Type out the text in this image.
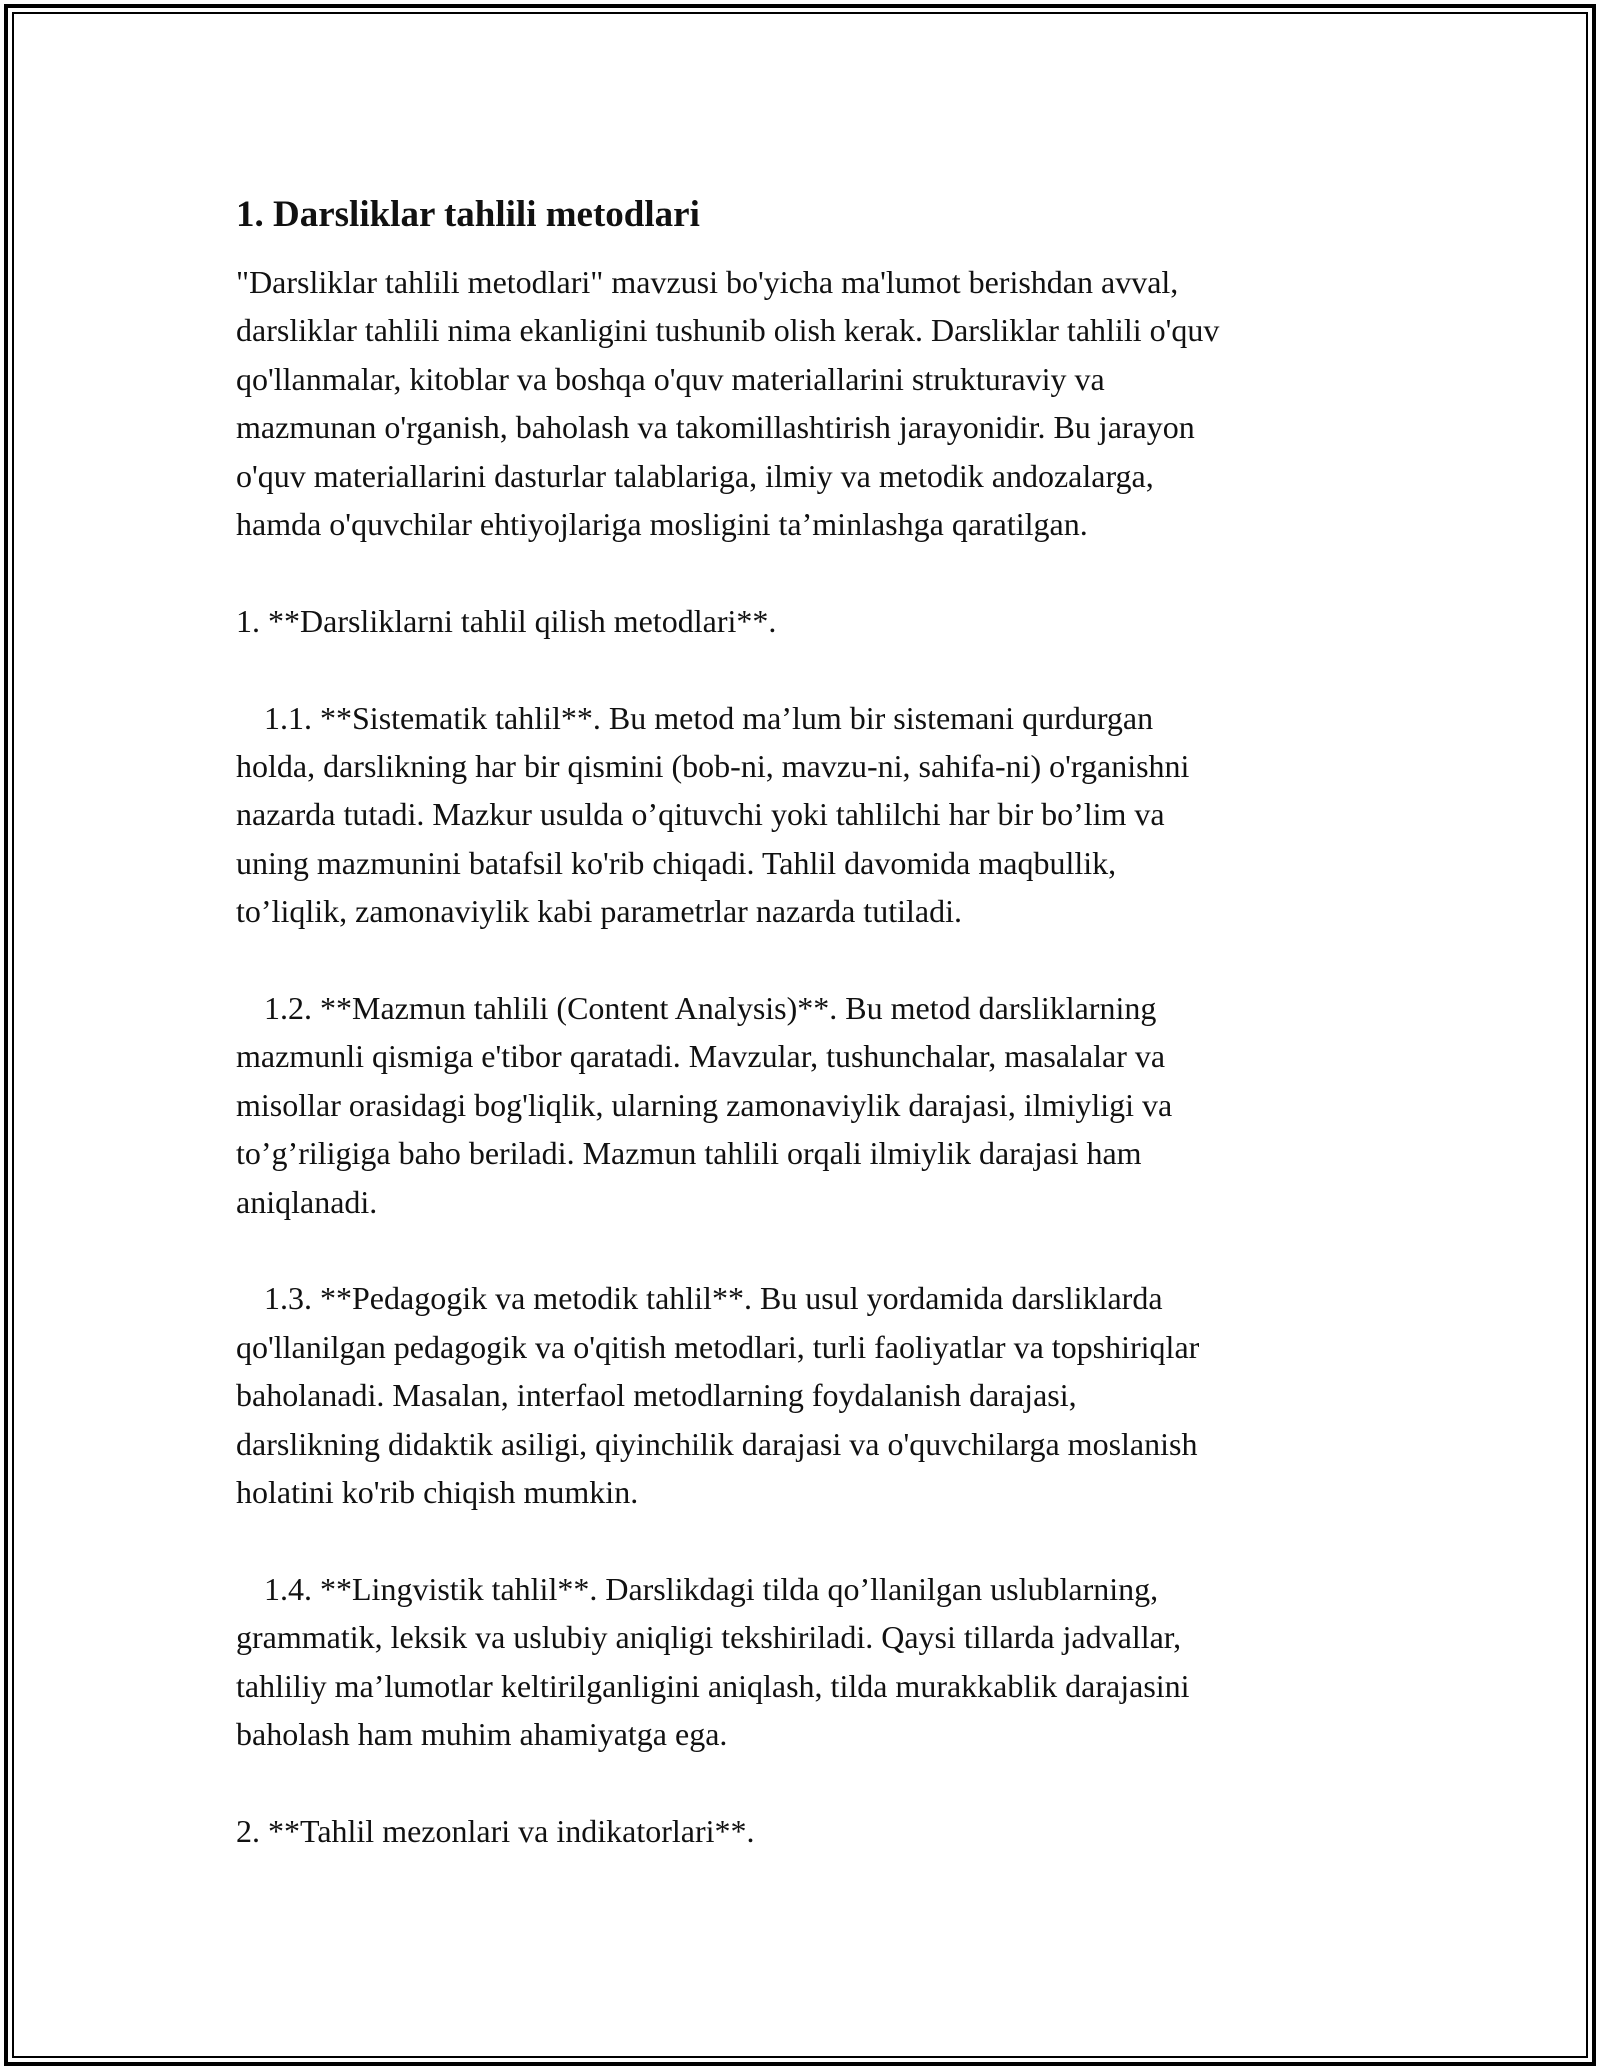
1. Darsliklar tahlili metodlari
"Darsliklar tahlili metodlari" mavzusi bo'yicha ma'lumot berishdan avval,
darsliklar tahlili nima ekanligini tushunib olish kerak. Darsliklar tahlili o'quv
qo'llanmalar, kitoblar va boshqa o'quv materiallarini strukturaviy va
mazmunan o'rganish, baholash va takomillashtirish jarayonidir. Bu jarayon
o'quv materiallarini dasturlar talablariga, ilmiy va metodik andozalarga,
hamda o'quvchilar ehtiyojlariga mosligini ta’minlashga qaratilgan.
1. **Darsliklarni tahlil qilish metodlari**.
1.1. **Sistematik tahlil**. Bu metod ma’lum bir sistemani qurdurgan
holda, darslikning har bir qismini (bob-ni, mavzu-ni, sahifa-ni) o'rganishni
nazarda tutadi. Mazkur usulda o’qituvchi yoki tahlilchi har bir bo’lim va
uning mazmunini batafsil ko'rib chiqadi. Tahlil davomida maqbullik,
to’liqlik, zamonaviylik kabi parametrlar nazarda tutiladi.
1.2. **Mazmun tahlili (Content Analysis)**. Bu metod darsliklarning
mazmunli qismiga e'tibor qaratadi. Mavzular, tushunchalar, masalalar va
misollar orasidagi bog'liqlik, ularning zamonaviylik darajasi, ilmiyligi va
to’g’riligiga baho beriladi. Mazmun tahlili orqali ilmiylik darajasi ham
aniqlanadi.
1.3. **Pedagogik va metodik tahlil**. Bu usul yordamida darsliklarda
qo'llanilgan pedagogik va o'qitish metodlari, turli faoliyatlar va topshiriqlar
baholanadi. Masalan, interfaol metodlarning foydalanish darajasi,
darslikning didaktik asiligi, qiyinchilik darajasi va o'quvchilarga moslanish
holatini ko'rib chiqish mumkin.
1.4. **Lingvistik tahlil**. Darslikdagi tilda qo’llanilgan uslublarning,
grammatik, leksik va uslubiy aniqligi tekshiriladi. Qaysi tillarda jadvallar,
tahliliy ma’lumotlar keltirilganligini aniqlash, tilda murakkablik darajasini
baholash ham muhim ahamiyatga ega.
2. **Tahlil mezonlari va indikatorlari**.
